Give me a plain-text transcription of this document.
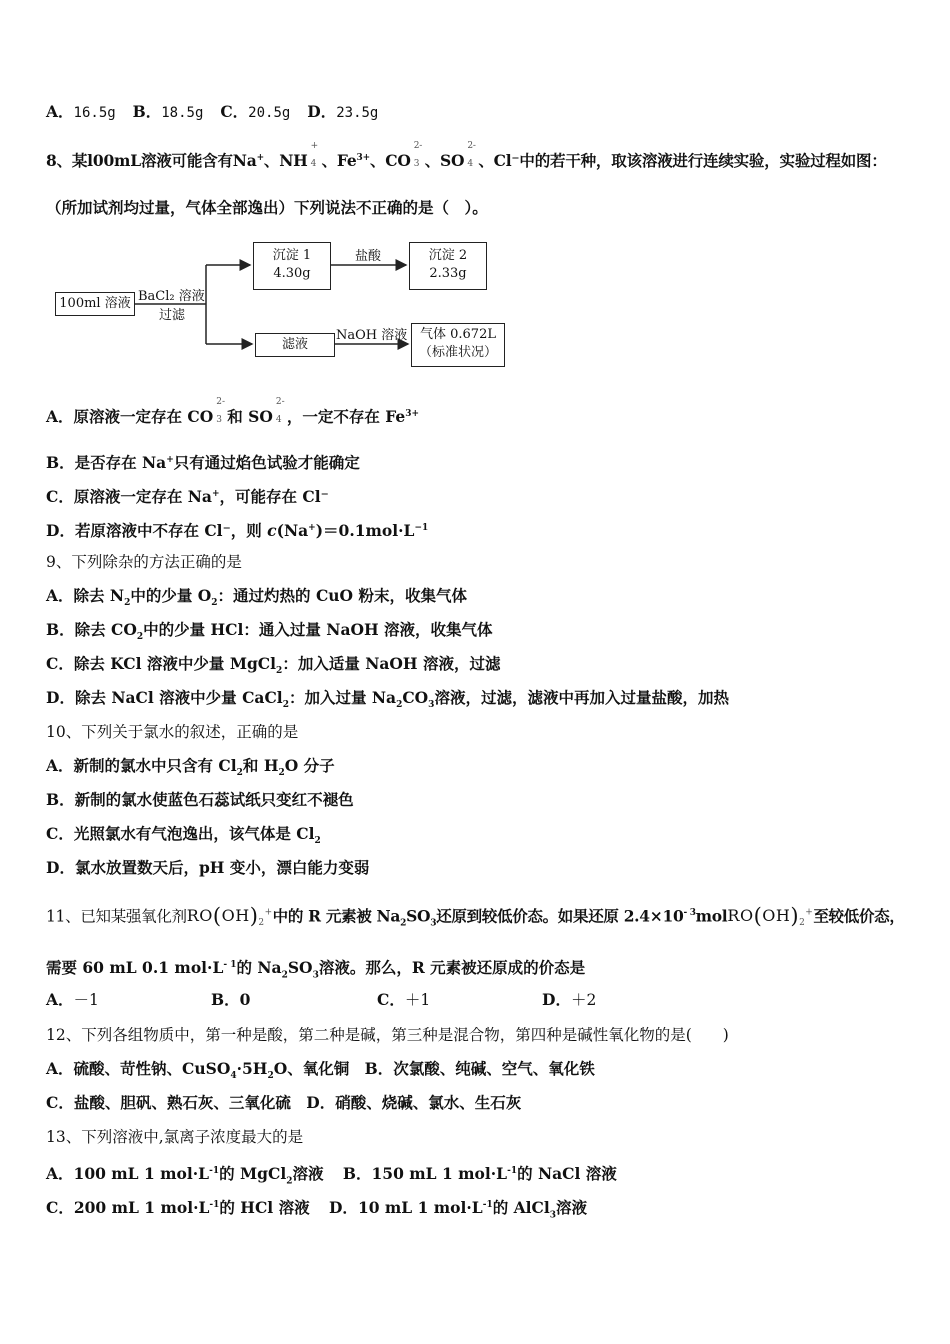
A．16.5g B．18.5g C．20.5g D．23.5g
8、某l00mL溶液可能含有Na+、NH
+
4 、$Fe^{3+}$、CO
2-
3 、SO
2-
4 、Cl⁻中的若干种，取该溶液进行连续实验，实验过程如图：
（所加试剂均过量，气体全部逸出）下列说法不正确的是（　）。
100ml 溶液 BaCl₂ 溶液
过滤
沉淀 1
4.30g
盐酸	沉淀 2
2.33g
滤液
NaOH 溶液 气体 0.672L
（标准状况）
A．原溶液一定存在 CO
2-
3 和 SO
2-
4 ，一定不存在 $Fe^{3+}$
B．是否存在 Na+只有通过焰色试验才能确定
C．原溶液一定存在 Na+，可能存在 Cl⁻
D．若原溶液中不存在 Cl⁻，则 $c(Na^+)=0.1mol\cdot L^{-1}$
9、下列除杂的方法正确的是
A．除去 $N_2$中的少量 $O_2$：通过灼热的 CuO 粉末，收集气体
B．除去 $CO_2$中的少量 HCl：通入过量 NaOH 溶液，收集气体
C．除去 KCl 溶液中少量 MgCl$_2$：加入适量 NaOH 溶液，过滤
D．除去 NaCl 溶液中少量 CaCl$_2$：加入过量 $Na_2CO_3$溶液，过滤，滤液中再加入过量盐酸，加热
10、下列关于氯水的叙述，正确的是
A．新制的氯水中只含有 $Cl_2$和 $H_2O$ 分子
B．新制的氯水使蓝色石蕊试纸只变红不褪色
C．光照氯水有气泡逸出，该气体是 $Cl_2$
D．氯水放置数天后，pH 变小，漂白能力变弱
11、已知某强氧化剂$RO(OH)_2^+$中的 R 元素被 $Na_2SO_3$还原到较低价态。如果还原 $2.4\times 10^{- 3}molRO(OH)_2^+$至较低价态，
需要 60 mL 0.1 $mol\cdot L^{- 1}$的 $Na_2SO_3$溶液。那么，R 元素被还原成的价态是
A．－1	B．0	C．＋1	D．＋2
12、下列各组物质中，第一种是酸，第二种是碱，第三种是混合物，第四种是碱性氧化物的是(　　)
A．硫酸、苛性钠、$CuSO_4\cdot 5H_2O$、氧化铜 B．次氯酸、纯碱、空气、氧化铁
C．盐酸、胆矾、熟石灰、三氧化硫 D．硝酸、烧碱、氯水、生石灰
13、下列溶液中,氯离子浓度最大的是
A．100 mL 1 $mol\cdot L^{-1}$的 MgCl$_2$溶液 B．150 mL 1 $mol\cdot L^{-1}$的 NaCl 溶液
C．200 mL 1 $mol\cdot L^{-1}$的 HCl 溶液 D．10 mL 1 $mol\cdot L^{-1}$的 AlCl$_3$溶液
